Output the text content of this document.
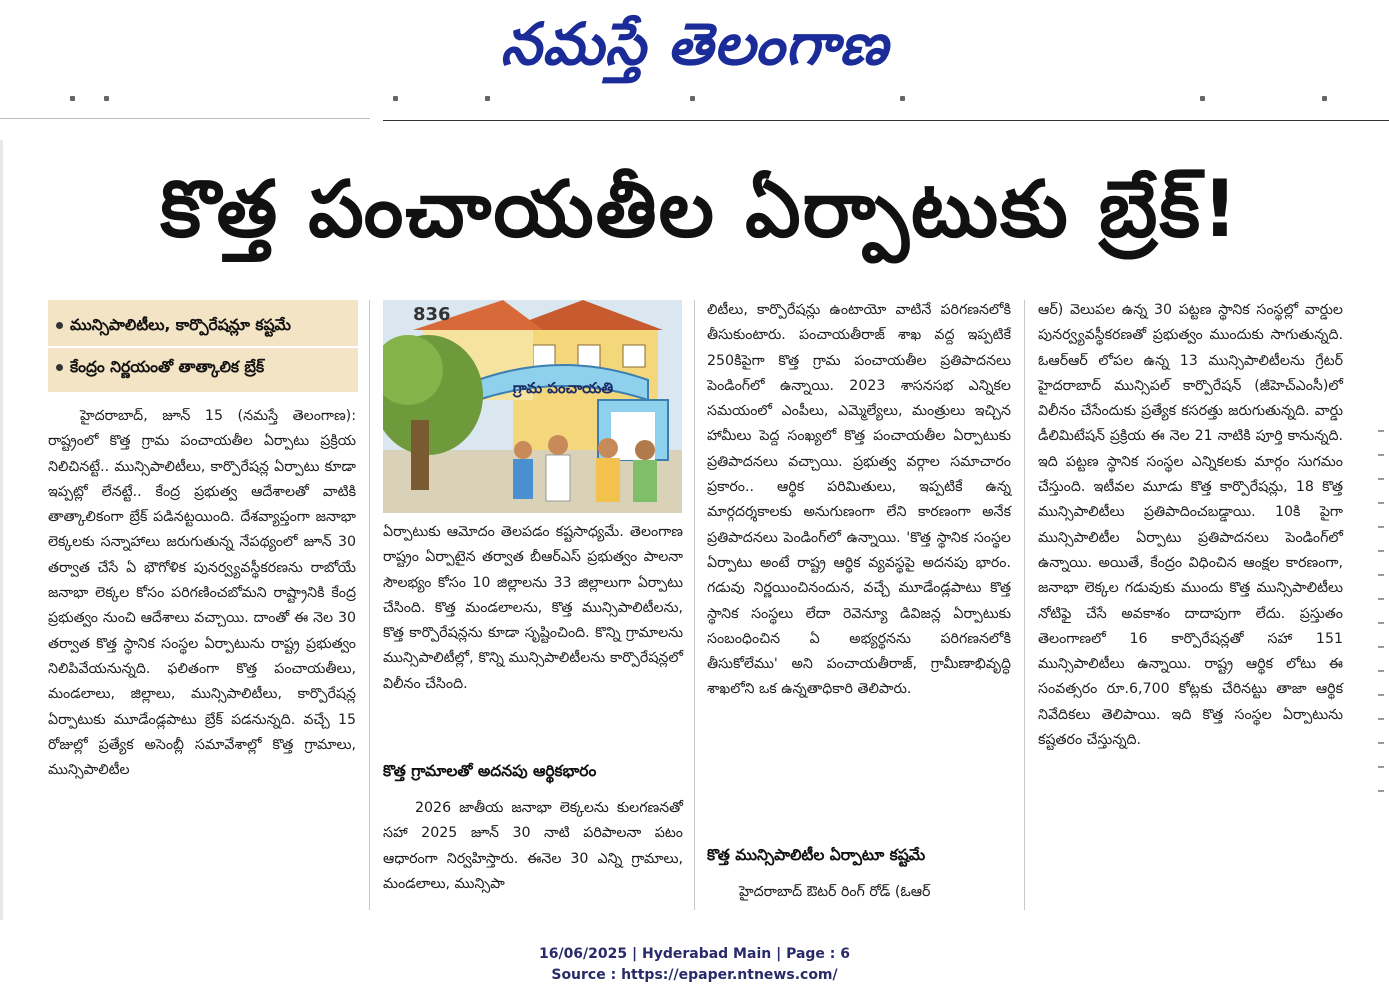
నమస్తే తెలంగాణ
కొత్త పంచాయతీల ఏర్పాటుకు బ్రేక్!
మున్సిపాలిటీలు, కార్పొరేషన్లూ కష్టమే
కేంద్రం నిర్ణయంతో తాత్కాలిక బ్రేక్
గ్రామ పంచాయతి
836

హైదరాబాద్, జూన్ 15 (నమస్తే తెలంగాణ): రాష్ట్రంలో కొత్త గ్రామ పంచాయతీల ఏర్పాటు ప్రక్రియ నిలిచినట్టే.. మున్సిపాలిటీలు, కార్పొరేషన్ల ఏర్పాటు కూడా ఇప్పట్లో లేనట్టే.. కేంద్ర ప్రభుత్వ ఆదేశాలతో వాటికి తాత్కాలికంగా బ్రేక్ పడినట్టయింది. దేశవ్యాప్తంగా జనాభా లెక్కలకు సన్నాహాలు జరుగుతున్న నేపథ్యంలో జూన్ 30 తర్వాత చేసే ఏ భౌగోళిక పునర్వ్యవస్థీకరణను రాబోయే జనాభా లెక్కల కోసం పరిగణించబోమని రాష్ట్రానికి కేంద్ర ప్రభుత్వం నుంచి ఆదేశాలు వచ్చాయి. దాంతో ఈ నెల 30 తర్వాత కొత్త స్థానిక సంస్థల ఏర్పాటును రాష్ట్ర ప్రభుత్వం నిలిపివేయనున్నది. ఫలితంగా కొత్త పంచాయతీలు, మండలాలు, జిల్లాలు, మున్సిపాలిటీలు, కార్పొరేషన్ల ఏర్పాటుకు మూడేండ్లపాటు బ్రేక్ పడనున్నది. వచ్చే 15 రోజుల్లో ప్రత్యేక అసెంబ్లీ సమావేశాల్లో కొత్త గ్రామాలు, మున్సిపాలిటీల

ఏర్పాటుకు ఆమోదం తెలపడం కష్టసాధ్యమే. తెలంగాణ రాష్ట్రం ఏర్పాటైన తర్వాత బీఆర్ఎస్ ప్రభుత్వం పాలనా సౌలభ్యం కోసం 10 జిల్లాలను 33 జిల్లాలుగా ఏర్పాటు చేసింది. కొత్త మండలాలను, కొత్త మున్సిపాలిటీలను, కొత్త కార్పొరేషన్లను కూడా సృష్టించింది. కొన్ని గ్రామాలను మున్సిపాలిటీల్లో, కొన్ని మున్సిపాలిటీలను కార్పొరేషన్లలో విలీనం చేసింది.

కొత్త గ్రామాలతో అదనపు ఆర్థికభారం

2026 జాతీయ జనాభా లెక్కలను కులగణనతో సహా 2025 జూన్ 30 నాటి పరిపాలనా పటం ఆధారంగా నిర్వహిస్తారు. ఈనెల 30 ఎన్ని గ్రామాలు, మండలాలు, మున్సిపా

లిటీలు, కార్పొరేషన్లు ఉంటాయో వాటినే పరిగణనలోకి తీసుకుంటారు. పంచాయతీరాజ్ శాఖ వద్ద ఇప్పటికే 250కిపైగా కొత్త గ్రామ పంచాయతీల ప్రతిపాదనలు పెండింగ్‌లో ఉన్నాయి. 2023 శాసనసభ ఎన్నికల సమయంలో ఎంపీలు, ఎమ్మెల్యేలు, మంత్రులు ఇచ్చిన హామీలు పెద్ద సంఖ్యలో కొత్త పంచాయతీల ఏర్పాటుకు ప్రతిపాదనలు వచ్చాయి. ప్రభుత్వ వర్గాల సమాచారం ప్రకారం.. ఆర్థిక పరిమితులు, ఇప్పటికే ఉన్న మార్గదర్శకాలకు అనుగుణంగా లేని కారణంగా అనేక ప్రతిపాదనలు పెండింగ్‌లో ఉన్నాయి. 'కొత్త స్థానిక సంస్థల ఏర్పాటు అంటే రాష్ట్ర ఆర్థిక వ్యవస్థపై అదనపు భారం. గడువు నిర్ణయించినందున, వచ్చే మూడేండ్లపాటు కొత్త స్థానిక సంస్థలు లేదా రెవెన్యూ డివిజన్ల ఏర్పాటుకు సంబంధించిన ఏ అభ్యర్థనను పరిగణనలోకి తీసుకోలేము' అని పంచాయతీరాజ్, గ్రామీణాభివృద్ధి శాఖలోని ఒక ఉన్నతాధికారి తెలిపారు.

కొత్త మున్సిపాలిటీల ఏర్పాటూ కష్టమే

హైదరాబాద్ ఔటర్ రింగ్ రోడ్ (ఓఆర్

ఆర్) వెలుపల ఉన్న 30 పట్టణ స్థానిక సంస్థల్లో వార్డుల పునర్వ్యవస్థీకరణతో ప్రభుత్వం ముందుకు సాగుతున్నది. ఓఆర్ఆర్ లోపల ఉన్న 13 మున్సిపాలిటీలను గ్రేటర్ హైదరాబాద్ మున్సిపల్ కార్పొరేషన్ (జీహెచ్ఎంసీ)లో విలీనం చేసేందుకు ప్రత్యేక కసరత్తు జరుగుతున్నది. వార్డు డీలిమిటేషన్ ప్రక్రియ ఈ నెల 21 నాటికి పూర్తి కానున్నది. ఇది పట్టణ స్థానిక సంస్థల ఎన్నికలకు మార్గం సుగమం చేస్తుంది. ఇటీవల మూడు కొత్త కార్పొరేషన్లు, 18 కొత్త మున్సిపాలిటీలు ప్రతిపాదించబడ్డాయి. 10కి పైగా మున్సిపాలిటీల ఏర్పాటు ప్రతిపాదనలు పెండింగ్‌లో ఉన్నాయి. అయితే, కేంద్రం విధించిన ఆంక్షల కారణంగా, జనాభా లెక్కల గడువుకు ముందు కొత్త మున్సిపాలిటీలు నోటిఫై చేసే అవకాశం దాదాపుగా లేదు. ప్రస్తుతం తెలంగాణలో 16 కార్పొరేషన్లతో సహా 151 మున్సిపాలిటీలు ఉన్నాయి. రాష్ట్ర ఆర్థిక లోటు ఈ సంవత్సరం రూ.6,700 కోట్లకు చేరినట్టు తాజా ఆర్థిక నివేదికలు తెలిపాయి. ఇది కొత్త సంస్థల ఏర్పాటును కష్టతరం చేస్తున్నది.

16/06/2025 | Hyderabad Main | Page : 6
Source : https://epaper.ntnews.com/
